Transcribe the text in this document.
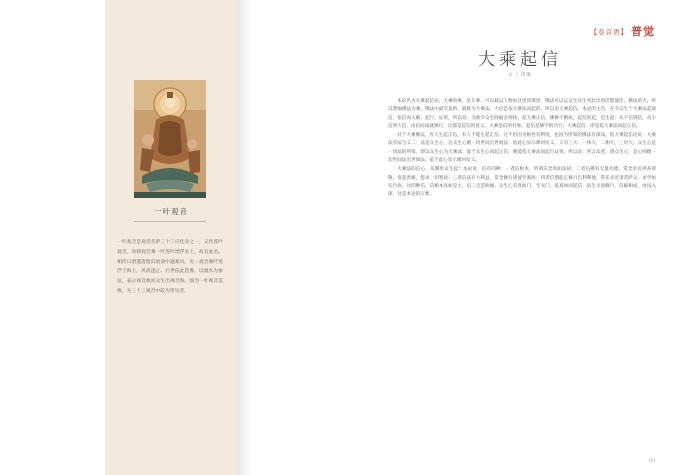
一叶观音
一叶观音是观音菩萨三十三应化身之一，又作莲叶观音。南朝观音乘一叶莲叶漂浮水上，故有此名。相传日僧遣唐使归国途中遇暴风，见一观音乘叶莲浮于海上，风浪遂止。后世依此造像，以渡水为象征，表示观音救度众生出离苦海。图为一叶观音造像，为三十三观音中较为常见者。
【卷首语】 普觉
大乘起信
文 / 印顺

本论名为大乘起信论。大乘的乘，是车乘，可以载运人物由这里到那里；佛法可以运众生从生死此岸到涅槃彼岸，佛法的大，所以譬喻佛法为乘。佛法中最究竟的，就称为大乘法。大信是依大乘法而起的，所以说大乘起信。本论的主旨，在令众生于大乘法起深信，依信而入解、起行、证果，所以说：为欲令众生除疑舍邪执，起大乘正信，佛种不断故。起信的起，是生起；从不信到信，从小信到大信，由信而成就修行，这都是起信的意义。大乘是信的对象，起信是修学的功行；大乘起信，即是依大乘法而起正信。

对于大乘佛法，有人生起正信，有人不能生起正信。这不但因为根性有利钝，也因为所知的佛法有深浅。依大乘起信论说：大乘法有法与义二：法是众生心，这众生心摄一切世间出世间法；依此心显示摩诃衍义。义有三大：一体大，二相大，三用大。众生心是一切法的所依，即以众生心为大乘法；能于众生心而起正信，便能依大乘法而起行证果。所以说：所言法者，谓众生心，是心则摄一切世间法出世间法。依于此心显示摩诃衍义。

大乘法的信心，从哪里去生起？本论说：信有四种：一者信根本，所谓乐念真如法故；二者信佛有无量功德，常念亲近供养恭敬，发起善根，愿求一切智故；三者信法有大利益，常念修行诸波罗蜜故；四者信僧能正修行自利利他，常乐亲近诸菩萨众，求学如实行故。这四种信，信根本真如是主，信三宝是助缘。众生心有真如门、生灭门，依真如而起信，依生灭而修行，信解相成，由浅入深，这是本论的宗要。

03
